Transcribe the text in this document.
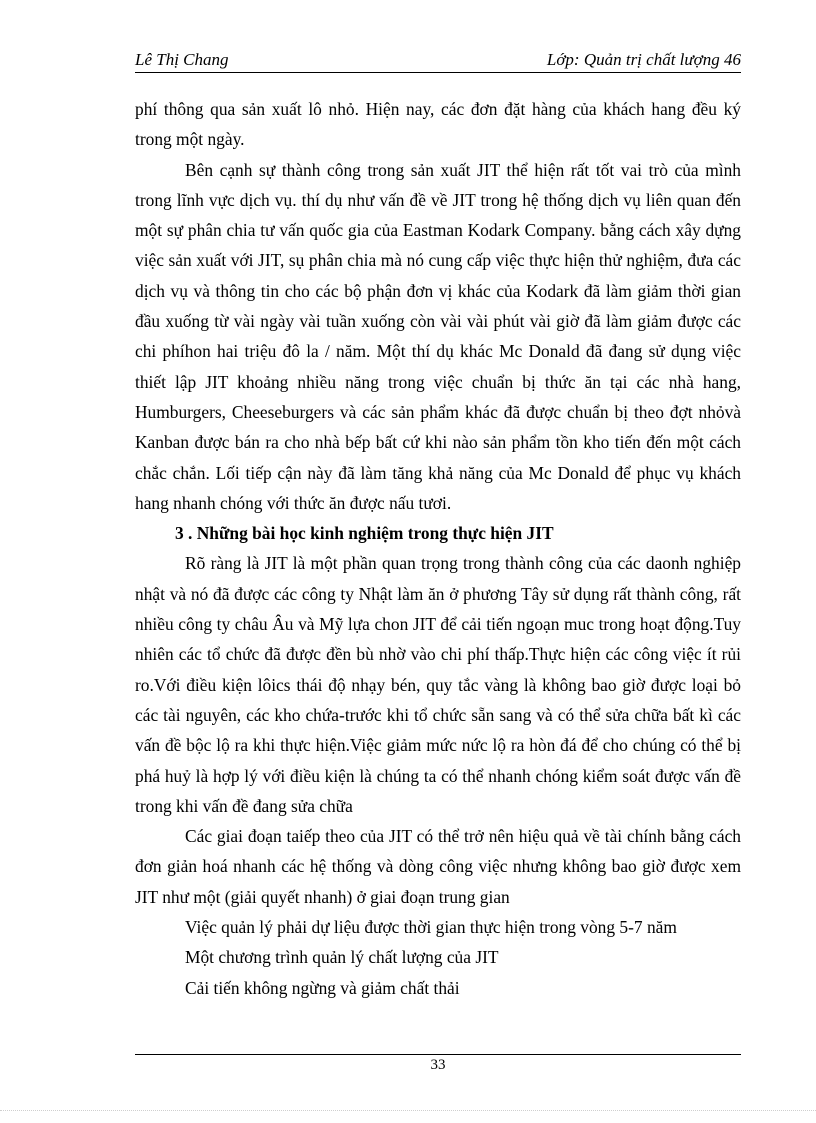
Lê Thị Chang	Lớp: Quản trị chất lượng 46

phí thông qua sản xuất lô nhỏ. Hiện nay, các đơn đặt hàng của khách hang đều ký trong một ngày.

Bên cạnh sự thành công trong sản xuất JIT thể hiện rất tốt vai trò của mình trong lĩnh vực dịch vụ. thí dụ như vấn đề về JIT trong hệ thống dịch vụ liên quan đến một sự phân chia tư vấn quốc gia của Eastman Kodark Company. bằng cách xây dựng việc sản xuất với JIT, sụ phân chia mà nó cung cấp việc thực hiện thử nghiệm, đưa các dịch vụ và thông tin cho các bộ phận đơn vị khác của Kodark đã làm giảm thời gian đầu xuống từ vài ngày vài tuần xuống còn vài vài phút vài giờ đã làm giảm được các chi phíhon hai triệu đô la / năm. Một thí dụ khác Mc Donald đã đang sử dụng việc thiết lập JIT khoảng nhiều năng trong việc chuẩn bị thức ăn tại các nhà hang, Humburgers, Cheeseburgers và các sản phẩm khác đã được chuẩn bị theo đợt nhỏvà Kanban được bán ra cho nhà bếp bất cứ khi nào sản phẩm tồn kho tiến đến một cách chắc chắn. Lối tiếp cận này đã làm tăng khả năng của Mc Donald để phục vụ khách hang nhanh chóng với thức ăn được nấu tươi.

3 . Những bài học kinh nghiệm trong thực hiện JIT

Rõ ràng là JIT là một phần quan trọng trong thành công của các daonh nghiệp nhật và nó đã được các công ty Nhật làm ăn ở phương Tây sử dụng rất thành công, rất nhiều công ty châu Âu và Mỹ lựa chon JIT để cải tiến ngoạn muc trong hoạt động.Tuy nhiên các tổ chức đã được đền bù nhờ vào chi phí thấp.Thực hiện các công việc ít rủi ro.Với điều kiện lôics thái độ nhạy bén, quy tắc vàng là không bao giờ được loại bỏ các tài nguyên, các kho chứa-trước khi tổ chức sẵn sang và có thể sửa chữa bất kì các vấn đề bộc lộ ra khi thực hiện.Việc giảm mức nức lộ ra hòn đá để cho chúng có thể bị phá huỷ là hợp lý với điều kiện là chúng ta có thể nhanh chóng kiểm soát được vấn đề trong khi vấn đề đang sửa chữa

Các giai đoạn taiếp theo của JIT có thể trở nên hiệu quả về tài chính bằng cách đơn giản hoá nhanh các hệ thống và dòng công việc nhưng không bao giờ được xem JIT như một (giải quyết nhanh) ở giai đoạn trung gian

Việc quản lý phải dự liệu được thời gian thực hiện trong vòng 5-7 năm

Một chương trình quản lý chất lượng của JIT

Cải tiến không ngừng và giảm chất thải

33
